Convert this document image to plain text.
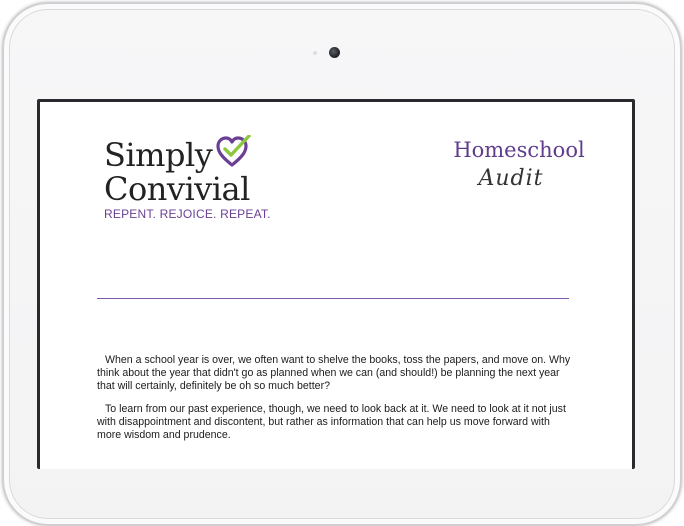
Simply
Convivial
REPENT. REJOICE. REPEAT.
Homeschool
Audit

When a school year is over, we often want to shelve the books, toss the papers, and move on. Why think about the year that didn't go as planned when we can (and should!) be planning the next year that will certainly, definitely be oh so much better?

To learn from our past experience, though, we need to look back at it. We need to look at it not just with disappointment and discontent, but rather as information that can help us move forward with more wisdom and prudence.
